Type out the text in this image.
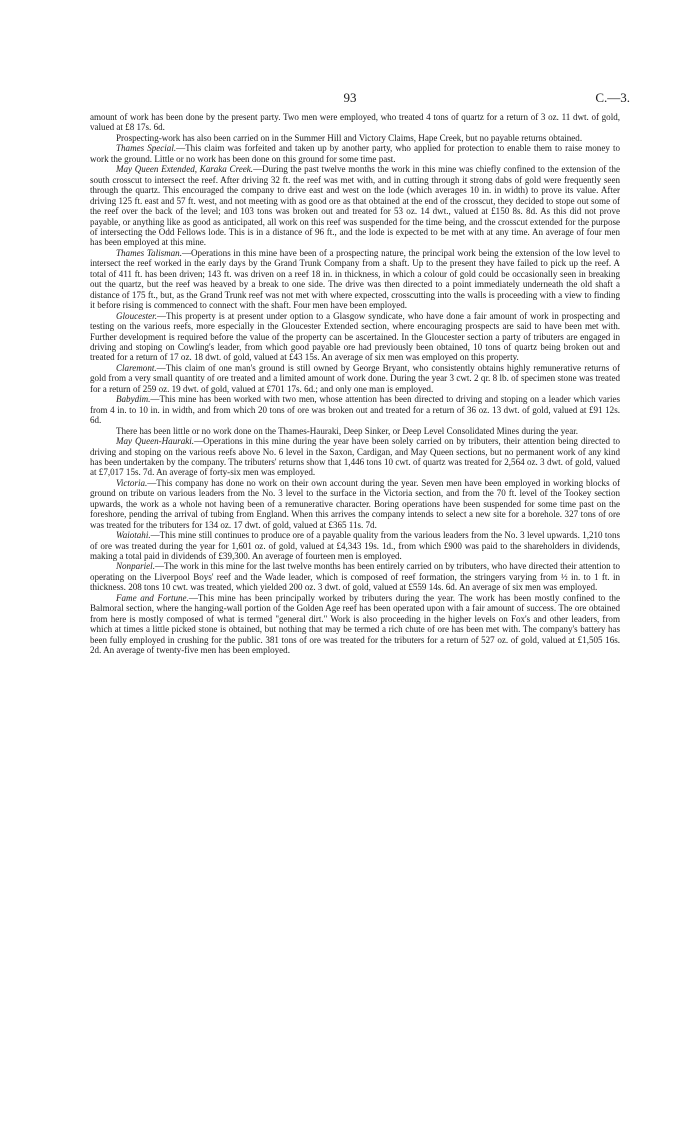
93	C.—3.

amount of work has been done by the present party. Two men were employed, who treated 4 tons of quartz for a return of 3 oz. 11 dwt. of gold, valued at £8 17s. 6d.

Prospecting-work has also been carried on in the Summer Hill and Victory Claims, Hape Creek, but no payable returns obtained.

Thames Special.—This claim was forfeited and taken up by another party, who applied for protection to enable them to raise money to work the ground. Little or no work has been done on this ground for some time past.

May Queen Extended, Karaka Creek.—During the past twelve months the work in this mine was chiefly confined to the extension of the south crosscut to intersect the reef. After driving 32 ft. the reef was met with, and in cutting through it strong dabs of gold were frequently seen through the quartz. This encouraged the company to drive east and west on the lode (which averages 10 in. in width) to prove its value. After driving 125 ft. east and 57 ft. west, and not meeting with as good ore as that obtained at the end of the crosscut, they decided to stope out some of the reef over the back of the level; and 103 tons was broken out and treated for 53 oz. 14 dwt., valued at £150 8s. 8d. As this did not prove payable, or anything like as good as anticipated, all work on this reef was suspended for the time being, and the crosscut extended for the purpose of intersecting the Odd Fellows lode. This is in a distance of 96 ft., and the lode is expected to be met with at any time. An average of four men has been employed at this mine.

Thames Talisman.—Operations in this mine have been of a prospecting nature, the principal work being the extension of the low level to intersect the reef worked in the early days by the Grand Trunk Company from a shaft. Up to the present they have failed to pick up the reef. A total of 411 ft. has been driven; 143 ft. was driven on a reef 18 in. in thickness, in which a colour of gold could be occasionally seen in breaking out the quartz, but the reef was heaved by a break to one side. The drive was then directed to a point immediately underneath the old shaft a distance of 175 ft., but, as the Grand Trunk reef was not met with where expected, crosscutting into the walls is proceeding with a view to finding it before rising is commenced to connect with the shaft. Four men have been employed.

Gloucester.—This property is at present under option to a Glasgow syndicate, who have done a fair amount of work in prospecting and testing on the various reefs, more especially in the Gloucester Extended section, where encouraging prospects are said to have been met with. Further development is required before the value of the property can be ascertained. In the Gloucester section a party of tributers are engaged in driving and stoping on Cowling's leader, from which good payable ore had previously been obtained, 10 tons of quartz being broken out and treated for a return of 17 oz. 18 dwt. of gold, valued at £43 15s. An average of six men was employed on this property.

Claremont.—This claim of one man's ground is still owned by George Bryant, who consistently obtains highly remunerative returns of gold from a very small quantity of ore treated and a limited amount of work done. During the year 3 cwt. 2 qr. 8 lb. of specimen stone was treated for a return of 259 oz. 19 dwt. of gold, valued at £701 17s. 6d.; and only one man is employed.

Babydim.—This mine has been worked with two men, whose attention has been directed to driving and stoping on a leader which varies from 4 in. to 10 in. in width, and from which 20 tons of ore was broken out and treated for a return of 36 oz. 13 dwt. of gold, valued at £91 12s. 6d.

There has been little or no work done on the Thames-Hauraki, Deep Sinker, or Deep Level Consolidated Mines during the year.

May Queen-Hauraki.—Operations in this mine during the year have been solely carried on by tributers, their attention being directed to driving and stoping on the various reefs above No. 6 level in the Saxon, Cardigan, and May Queen sections, but no permanent work of any kind has been undertaken by the company. The tributers' returns show that 1,446 tons 10 cwt. of quartz was treated for 2,564 oz. 3 dwt. of gold, valued at £7,017 15s. 7d. An average of forty-six men was employed.

Victoria.—This company has done no work on their own account during the year. Seven men have been employed in working blocks of ground on tribute on various leaders from the No. 3 level to the surface in the Victoria section, and from the 70 ft. level of the Tookey section upwards, the work as a whole not having been of a remunerative character. Boring operations have been suspended for some time past on the foreshore, pending the arrival of tubing from England. When this arrives the company intends to select a new site for a borehole. 327 tons of ore was treated for the tributers for 134 oz. 17 dwt. of gold, valued at £365 11s. 7d.

Waiotahi.—This mine still continues to produce ore of a payable quality from the various leaders from the No. 3 level upwards. 1,210 tons of ore was treated during the year for 1,601 oz. of gold, valued at £4,343 19s. 1d., from which £900 was paid to the shareholders in dividends, making a total paid in dividends of £39,300. An average of fourteen men is employed.

Nonpariel.—The work in this mine for the last twelve months has been entirely carried on by tributers, who have directed their attention to operating on the Liverpool Boys' reef and the Wade leader, which is composed of reef formation, the stringers varying from ½ in. to 1 ft. in thickness. 208 tons 10 cwt. was treated, which yielded 200 oz. 3 dwt. of gold, valued at £559 14s. 6d. An average of six men was employed.

Fame and Fortune.—This mine has been principally worked by tributers during the year. The work has been mostly confined to the Balmoral section, where the hanging-wall portion of the Golden Age reef has been operated upon with a fair amount of success. The ore obtained from here is mostly composed of what is termed "general dirt." Work is also proceeding in the higher levels on Fox's and other leaders, from which at times a little picked stone is obtained, but nothing that may be termed a rich chute of ore has been met with. The company's battery has been fully employed in crushing for the public. 381 tons of ore was treated for the tributers for a return of 527 oz. of gold, valued at £1,505 16s. 2d. An average of twenty-five men has been employed.
